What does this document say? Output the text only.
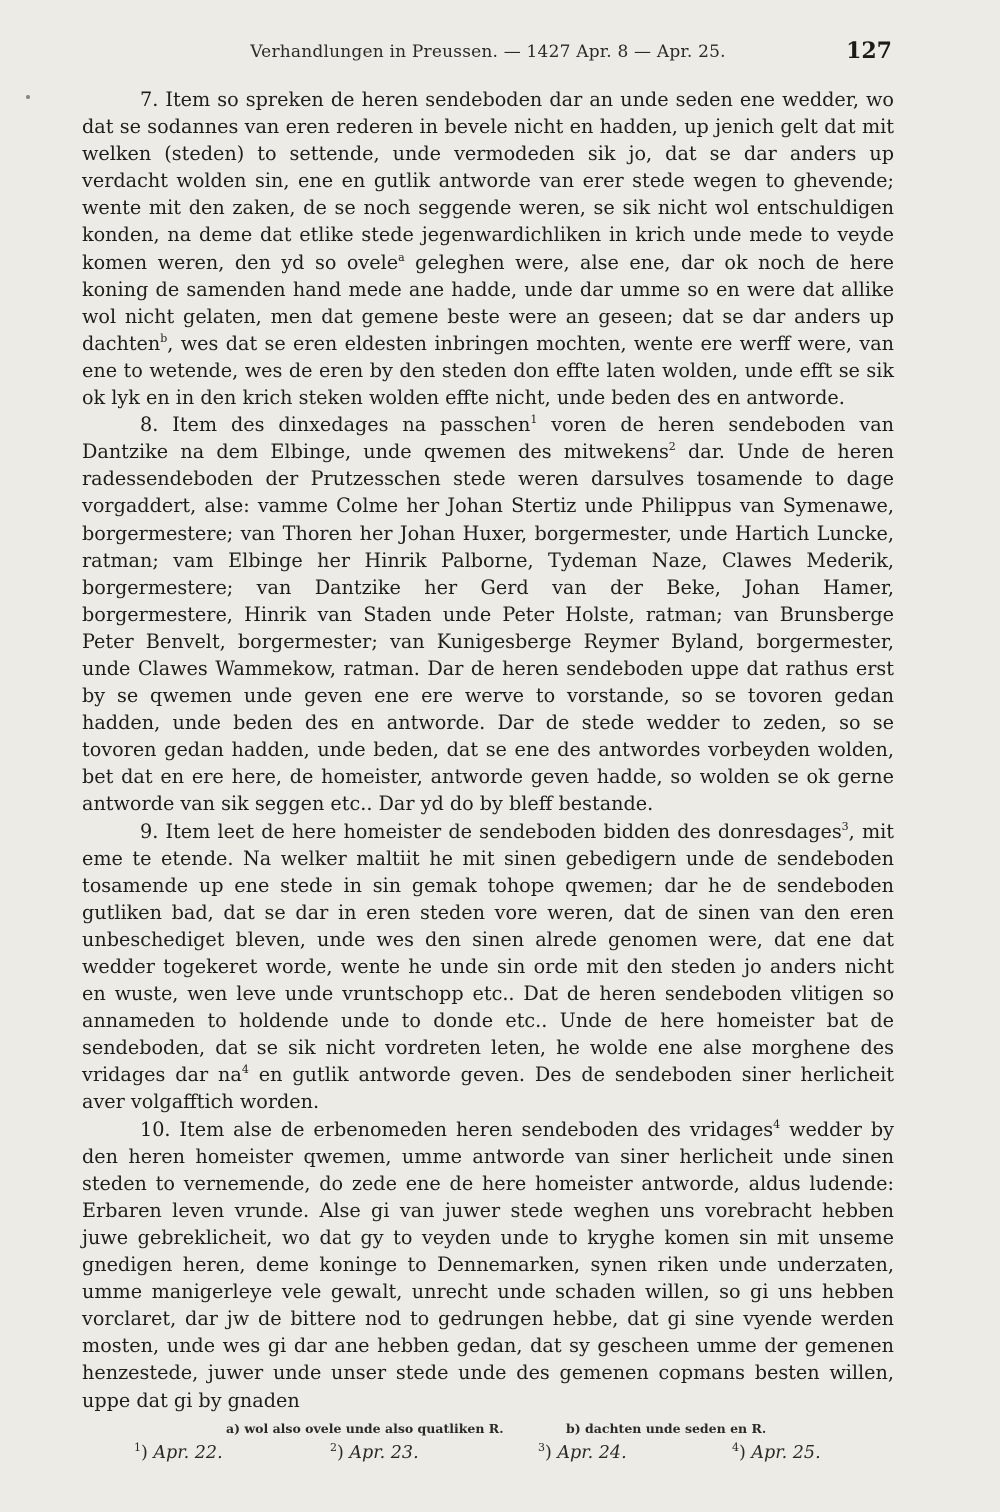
Verhandlungen in Preussen. — 1427 Apr. 8 — Apr. 25.	127

7. Item so spreken de heren sendeboden dar an unde seden ene wedder, wo dat se sodannes van eren rederen in bevele nicht en hadden, up jenich gelt dat mit welken (steden) to settende, unde vermodeden sik jo, dat se dar anders up verdacht wolden sin, ene en gutlik antworde van erer stede wegen to ghevende; wente mit den zaken, de se noch seggende weren, se sik nicht wol entschuldigen konden, na deme dat etlike stede jegenwardichliken in krich unde mede to veyde komen weren, den yd so ovele$^a$ geleghen were, alse ene, dar ok noch de here koning de samenden hand mede ane hadde, unde dar umme so en were dat allike wol nicht gelaten, men dat gemene beste were an geseen; dat se dar anders up dachten$^b$, wes dat se eren eldesten inbringen mochten, wente ere werff were, van ene to wetende, wes de eren by den steden don effte laten wolden, unde efft se sik ok lyk en in den krich steken wolden effte nicht, unde beden des en antworde.

8. Item des dinxedages na passchen$^1$ voren de heren sendeboden van Dantzike na dem Elbinge, unde qwemen des mitwekens$^2$ dar. Unde de heren radessendeboden der Prutzesschen stede weren darsulves tosamende to dage vorgaddert, alse: vamme Colme her Johan Stertiz unde Philippus van Symenawe, borgermestere; van Thoren her Johan Huxer, borgermester, unde Hartich Luncke, ratman; vam Elbinge her Hinrik Palborne, Tydeman Naze, Clawes Mederik, borgermestere; van Dantzike her Gerd van der Beke, Johan Hamer, borgermestere, Hinrik van Staden unde Peter Holste, ratman; van Brunsberge Peter Benvelt, borgermester; van Kunigesberge Reymer Byland, borgermester, unde Clawes Wammekow, ratman. Dar de heren sendeboden uppe dat rathus erst by se qwemen unde geven ene ere werve to vorstande, so se tovoren gedan hadden, unde beden des en antworde. Dar de stede wedder to zeden, so se tovoren gedan hadden, unde beden, dat se ene des antwordes vorbeyden wolden, bet dat en ere here, de homeister, antworde geven hadde, so wolden se ok gerne antworde van sik seggen etc.. Dar yd do by bleff bestande.

9. Item leet de here homeister de sendeboden bidden des donresdages$^3$, mit eme te etende. Na welker maltiit he mit sinen gebedigern unde de sendeboden tosamende up ene stede in sin gemak tohope qwemen; dar he de sendeboden gutliken bad, dat se dar in eren steden vore weren, dat de sinen van den eren unbeschediget bleven, unde wes den sinen alrede genomen were, dat ene dat wedder togekeret worde, wente he unde sin orde mit den steden jo anders nicht en wuste, wen leve unde vruntschopp etc.. Dat de heren sendeboden vlitigen so annameden to holdende unde to donde etc.. Unde de here homeister bat de sendeboden, dat se sik nicht vordreten leten, he wolde ene alse morghene des vridages dar $na^4$ en gutlik antworde geven. Des de sendeboden siner herlicheit aver volgafftich worden.

10. Item alse de erbenomeden heren sendeboden des vridages$^4$ wedder by den heren homeister qwemen, umme antworde van siner herlicheit unde sinen steden to vernemende, do zede ene de here homeister antworde, aldus ludende: Erbaren leven vrunde. Alse gi van juwer stede weghen uns vorebracht hebben juwe gebreklicheit, wo dat gy to veyden unde to kryghe komen sin mit unseme gnedigen heren, deme koninge to Dennemarken, synen riken unde underzaten, umme manigerleye vele gewalt, unrecht unde schaden willen, so gi uns hebben vorclaret, dar jw de bittere nod to gedrungen hebbe, dat gi sine vyende werden mosten, unde wes gi dar ane hebben gedan, dat sy gescheen umme der gemenen henzestede, juwer unde unser stede unde des gemenen copmans besten willen, uppe dat gi by gnaden

a) wol also ovele unde also quatliken R.	b) dachten unde seden en R.
$^1$) Apr. 22.	$^2$) Apr. 23.	$^3$) Apr. 24.	$^4$) Apr. 25.
